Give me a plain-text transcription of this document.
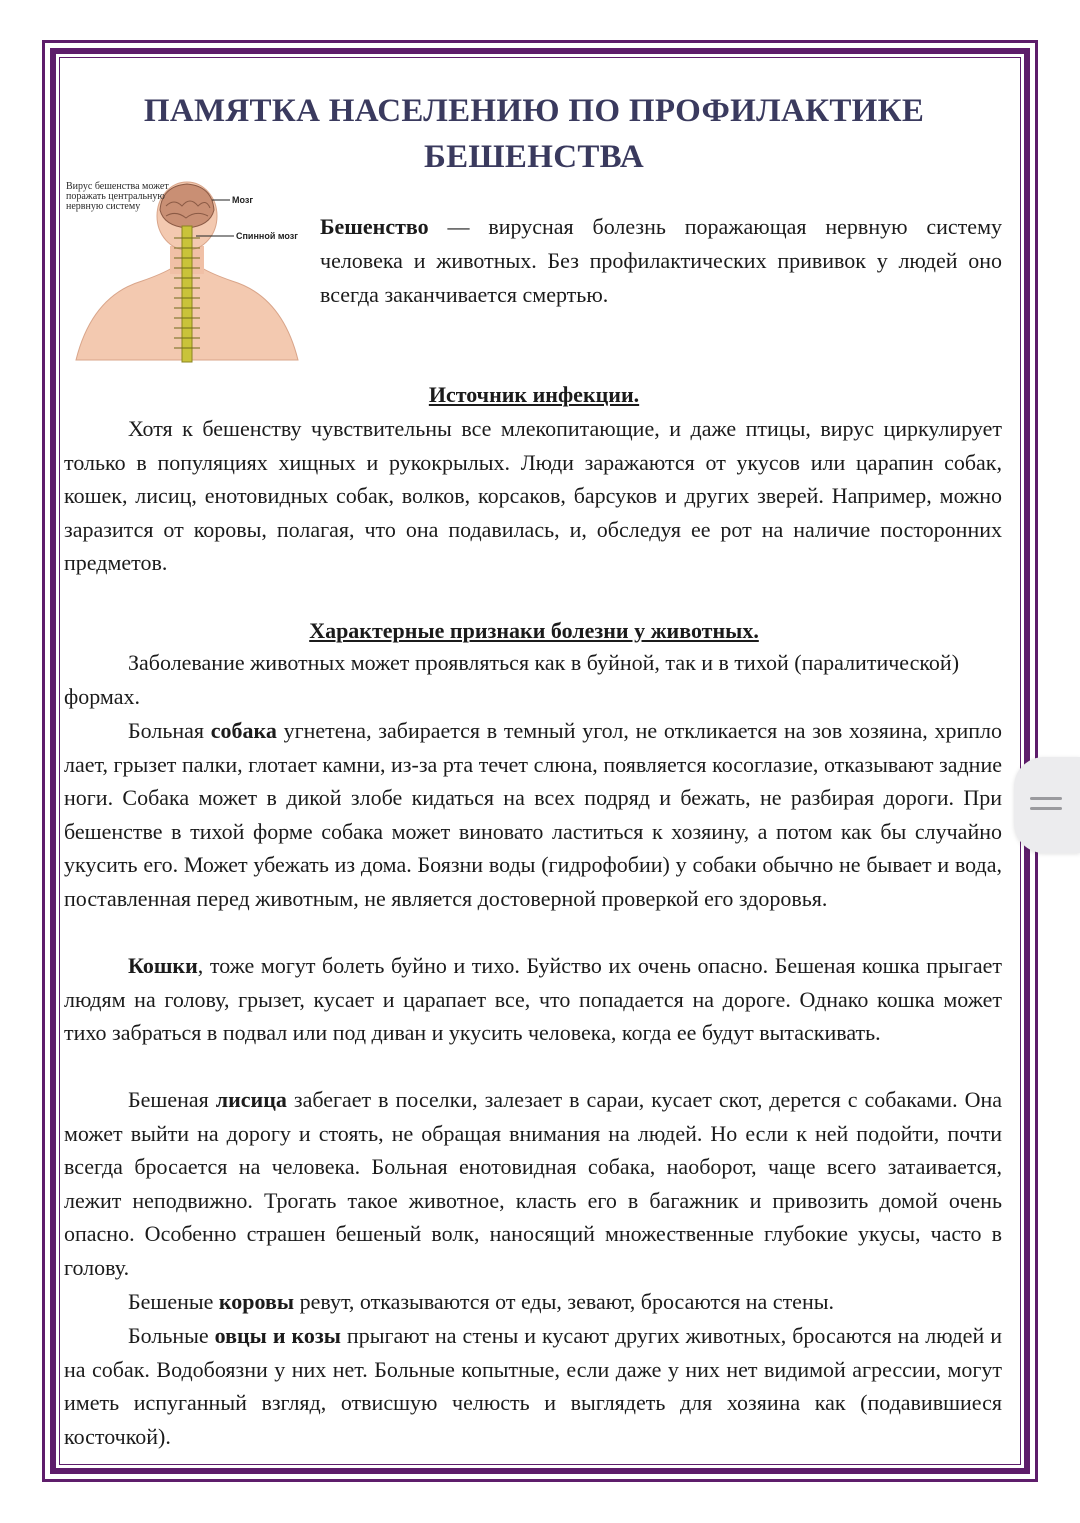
ПАМЯТКА НАСЕЛЕНИЮ ПО ПРОФИЛАКТИКЕ БЕШЕНСТВА
Вирус бешенства может поражать центральную нервную систему
Мозг
Спинной мозг Бешенство — вирусная болезнь поражающая нервную систему человека и животных. Без профилактических прививок у людей оно всегда заканчивается смертью.

Источник инфекции.

Хотя к бешенству чувствительны все млекопитающие, и даже птицы, вирус циркулирует только в популяциях хищных и рукокрылых. Люди заражаются от укусов или царапин собак, кошек, лисиц, енотовидных собак, волков, корсаков, барсуков и других зверей. Например, можно заразится от коровы, полагая, что она подавилась, и, обследуя ее рот на наличие посторонних предметов.

Характерные признаки болезни у животных.

Заболевание животных может проявляться как в буйной, так и в тихой (паралитической) формах.

Больная собака угнетена, забирается в темный угол, не откликается на зов хозяина, хрипло лает, грызет палки, глотает камни, из-за рта течет слюна, появляется косоглазие, отказывают задние ноги. Собака может в дикой злобе кидаться на всех подряд и бежать, не разбирая дороги. При бешенстве в тихой форме собака может виновато ластиться к хозяину, а потом как бы случайно укусить его. Может убежать из дома. Боязни воды (гидрофобии) у собаки обычно не бывает и вода, поставленная перед животным, не является достоверной проверкой его здоровья.

Кошки, тоже могут болеть буйно и тихо. Буйство их очень опасно. Бешеная кошка прыгает людям на голову, грызет, кусает и царапает все, что попадается на дороге. Однако кошка может тихо забраться в подвал или под диван и укусить человека, когда ее будут вытаскивать.

Бешеная лисица забегает в поселки, залезает в сараи, кусает скот, дерется с собаками. Она может выйти на дорогу и стоять, не обращая внимания на людей. Но если к ней подойти, почти всегда бросается на человека. Больная енотовидная собака, наоборот, чаще всего затаивается, лежит неподвижно. Трогать такое животное, класть его в багажник и привозить домой очень опасно. Особенно страшен бешеный волк, наносящий множественные глубокие укусы, часто в голову.

Бешеные коровы ревут, отказываются от еды, зевают, бросаются на стены.

Больные овцы и козы прыгают на стены и кусают других животных, бросаются на людей и на собак. Водобоязни у них нет. Больные копытные, если даже у них нет видимой агрессии, могут иметь испуганный взгляд, отвисшую челюсть и выглядеть для хозяина как (подавившиеся косточкой).
